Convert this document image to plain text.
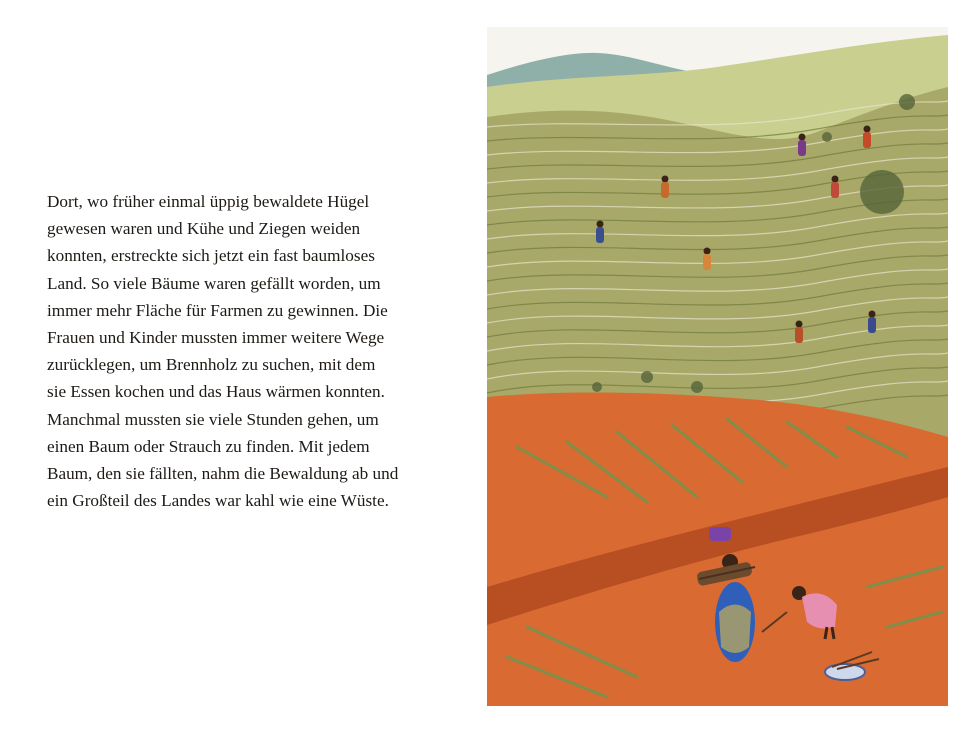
Dort, wo früher einmal üppig bewaldete Hügel
gewesen waren und Kühe und Ziegen weiden
konnten, erstreckte sich jetzt ein fast baumloses
Land. So viele Bäume waren gefällt worden, um
immer mehr Fläche für Farmen zu gewinnen. Die
Frauen und Kinder mussten immer weitere Wege
zurücklegen, um Brennholz zu suchen, mit dem
sie Essen kochen und das Haus wärmen konnten.
Manchmal mussten sie viele Stunden gehen, um
einen Baum oder Strauch zu finden. Mit jedem
Baum, den sie fällten, nahm die Bewaldung ab und
ein Großteil des Landes war kahl wie eine Wüste.
